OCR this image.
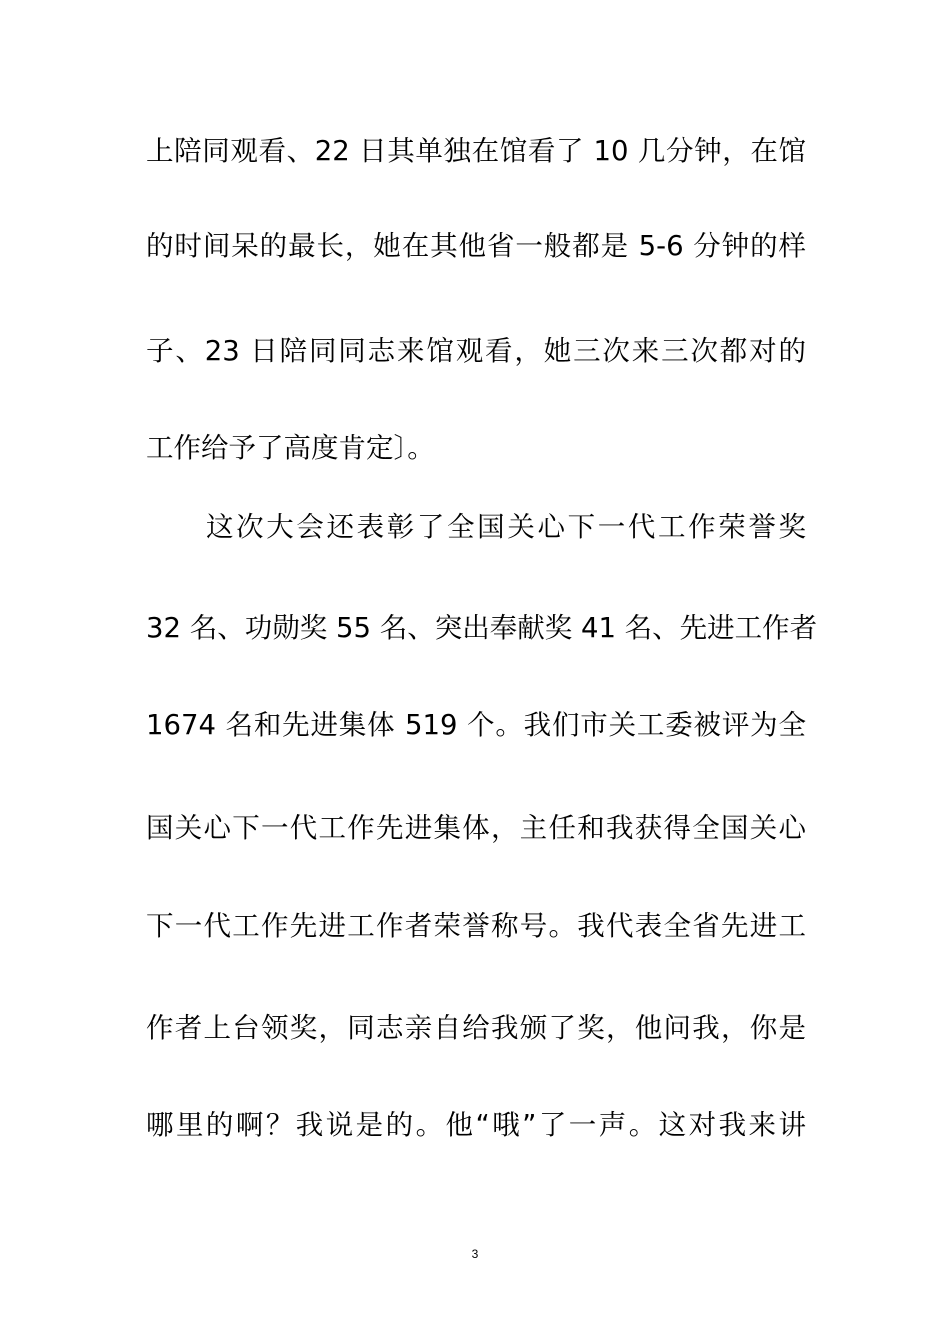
上陪同观看、22 日其单独在馆看了 10 几分钟，在馆
的时间呆的最长，她在其他省一般都是 5-6 分钟的样
子、23 日陪同同志来馆观看，她三次来三次都对的
工作给予了高度肯定〕。
这次大会还表彰了全国关心下一代工作荣誉奖
32 名、功勋奖 55 名、突出奉献奖 41 名、先进工作者
1674 名和先进集体 519 个。我们市关工委被评为全
国关心下一代工作先进集体，主任和我获得全国关心
下一代工作先进工作者荣誉称号。我代表全省先进工
作者上台领奖，同志亲自给我颁了奖，他问我，你是
哪里的啊？我说是的。他“哦”了一声。这对我来讲
3
